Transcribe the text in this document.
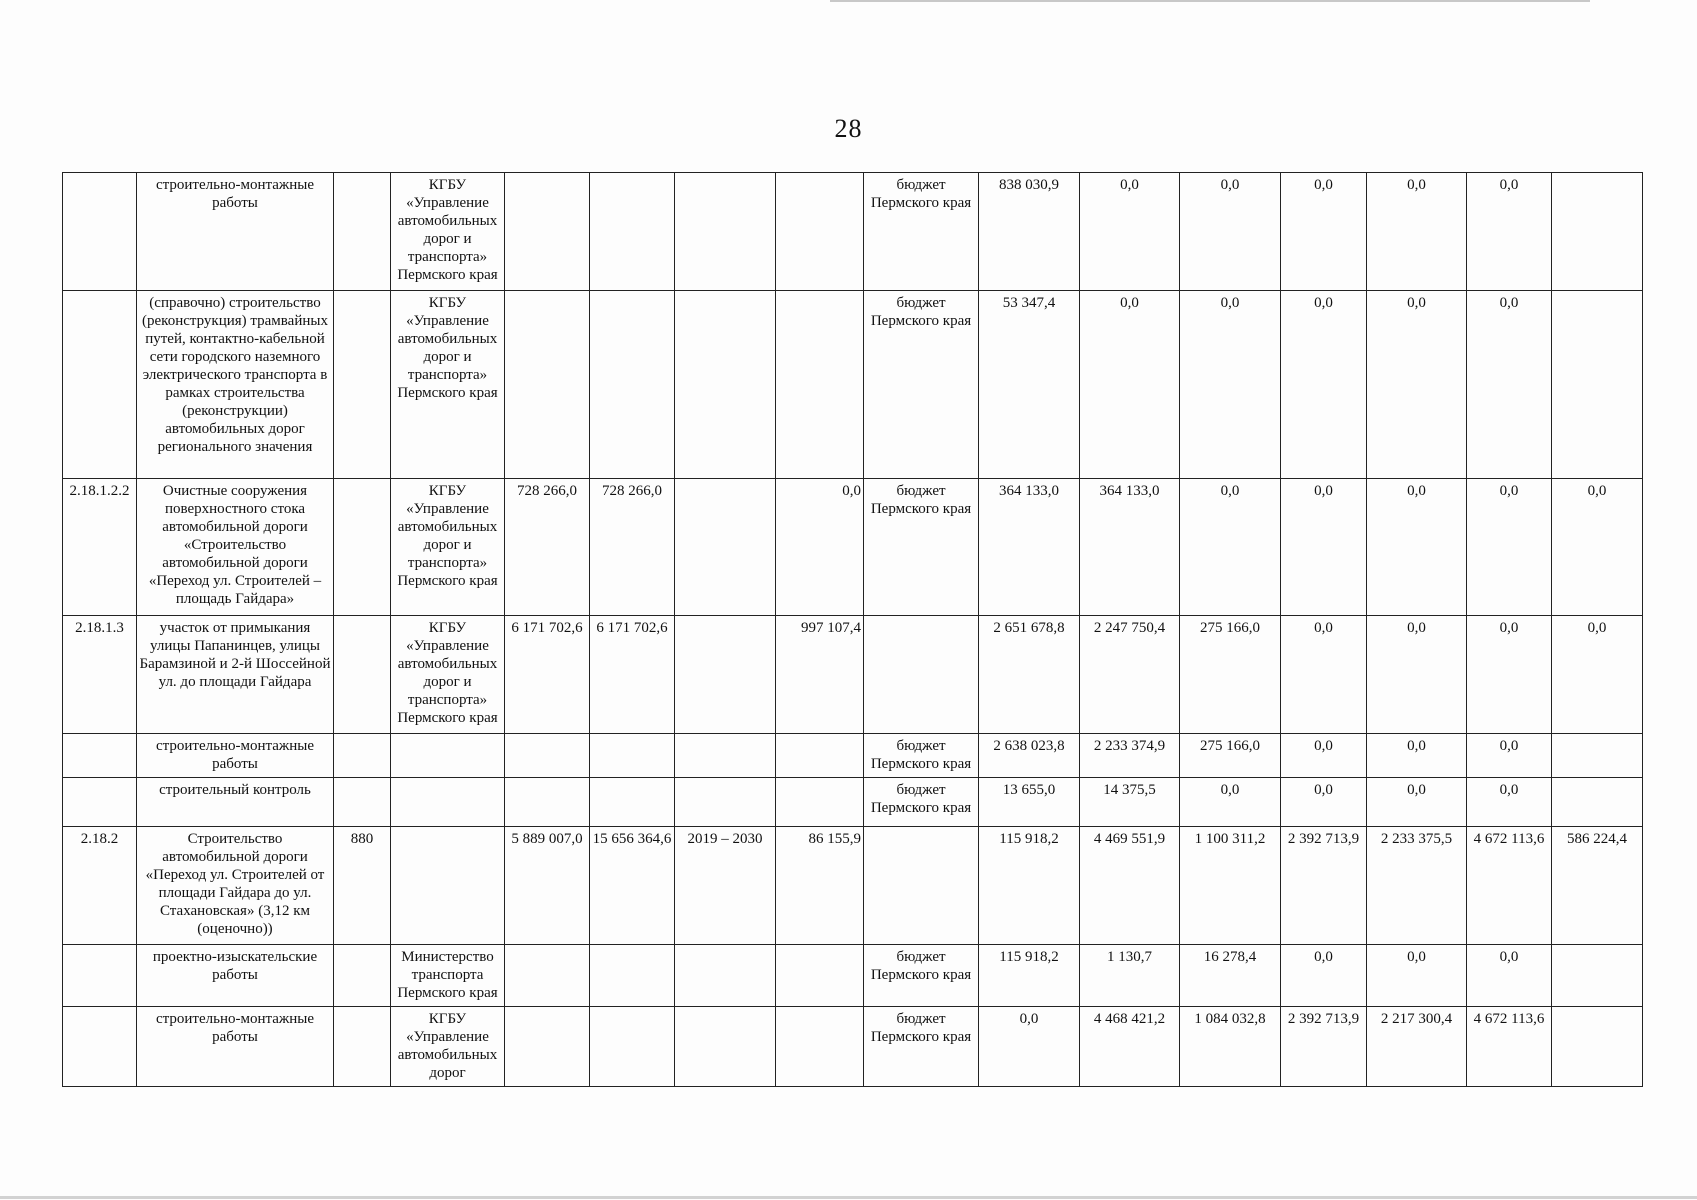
28
	строительно-монтажные работы		КГБУ «Управление автомобильных дорог и транспорта» Пермского края					бюджет Пермского края	838 030,9	0,0	0,0	0,0	0,0	0,0	
	(справочно) строительство (реконструкция) трамвайных путей, контактно-кабельной сети городского наземного электрического транспорта в рамках строительства (реконструкции) автомобильных дорог регионального значения		КГБУ «Управление автомобильных дорог и транспорта» Пермского края					бюджет Пермского края	53 347,4	0,0	0,0	0,0	0,0	0,0	
2.18.1.2.2	Очистные сооружения поверхностного стока автомобильной дороги «Строительство автомобильной дороги «Переход ул. Строителей – площадь Гайдара»		КГБУ «Управление автомобильных дорог и транспорта» Пермского края	728 266,0	728 266,0		0,0	бюджет Пермского края	364 133,0	364 133,0	0,0	0,0	0,0	0,0	0,0
2.18.1.3	участок от примыкания улицы Папанинцев, улицы Барамзиной и 2-й Шоссейной ул. до площади Гайдара		КГБУ «Управление автомобильных дорог и транспорта» Пермского края	6 171 702,6	6 171 702,6		997 107,4		2 651 678,8	2 247 750,4	275 166,0	0,0	0,0	0,0	0,0
	строительно-монтажные работы							бюджет Пермского края	2 638 023,8	2 233 374,9	275 166,0	0,0	0,0	0,0	
	строительный контроль							бюджет Пермского края	13 655,0	14 375,5	0,0	0,0	0,0	0,0	
2.18.2	Строительство автомобильной дороги «Переход ул. Строителей от площади Гайдара до ул. Стахановская» (3,12 км (оценочно))	880		5 889 007,0	15 656 364,6	2019 – 2030	86 155,9		115 918,2	4 469 551,9	1 100 311,2	2 392 713,9	2 233 375,5	4 672 113,6	586 224,4
	проектно-изыскательские работы		Министерство транспорта Пермского края					бюджет Пермского края	115 918,2	1 130,7	16 278,4	0,0	0,0	0,0	
	строительно-монтажные работы		КГБУ «Управление автомобильных дорог					бюджет Пермского края	0,0	4 468 421,2	1 084 032,8	2 392 713,9	2 217 300,4	4 672 113,6	
